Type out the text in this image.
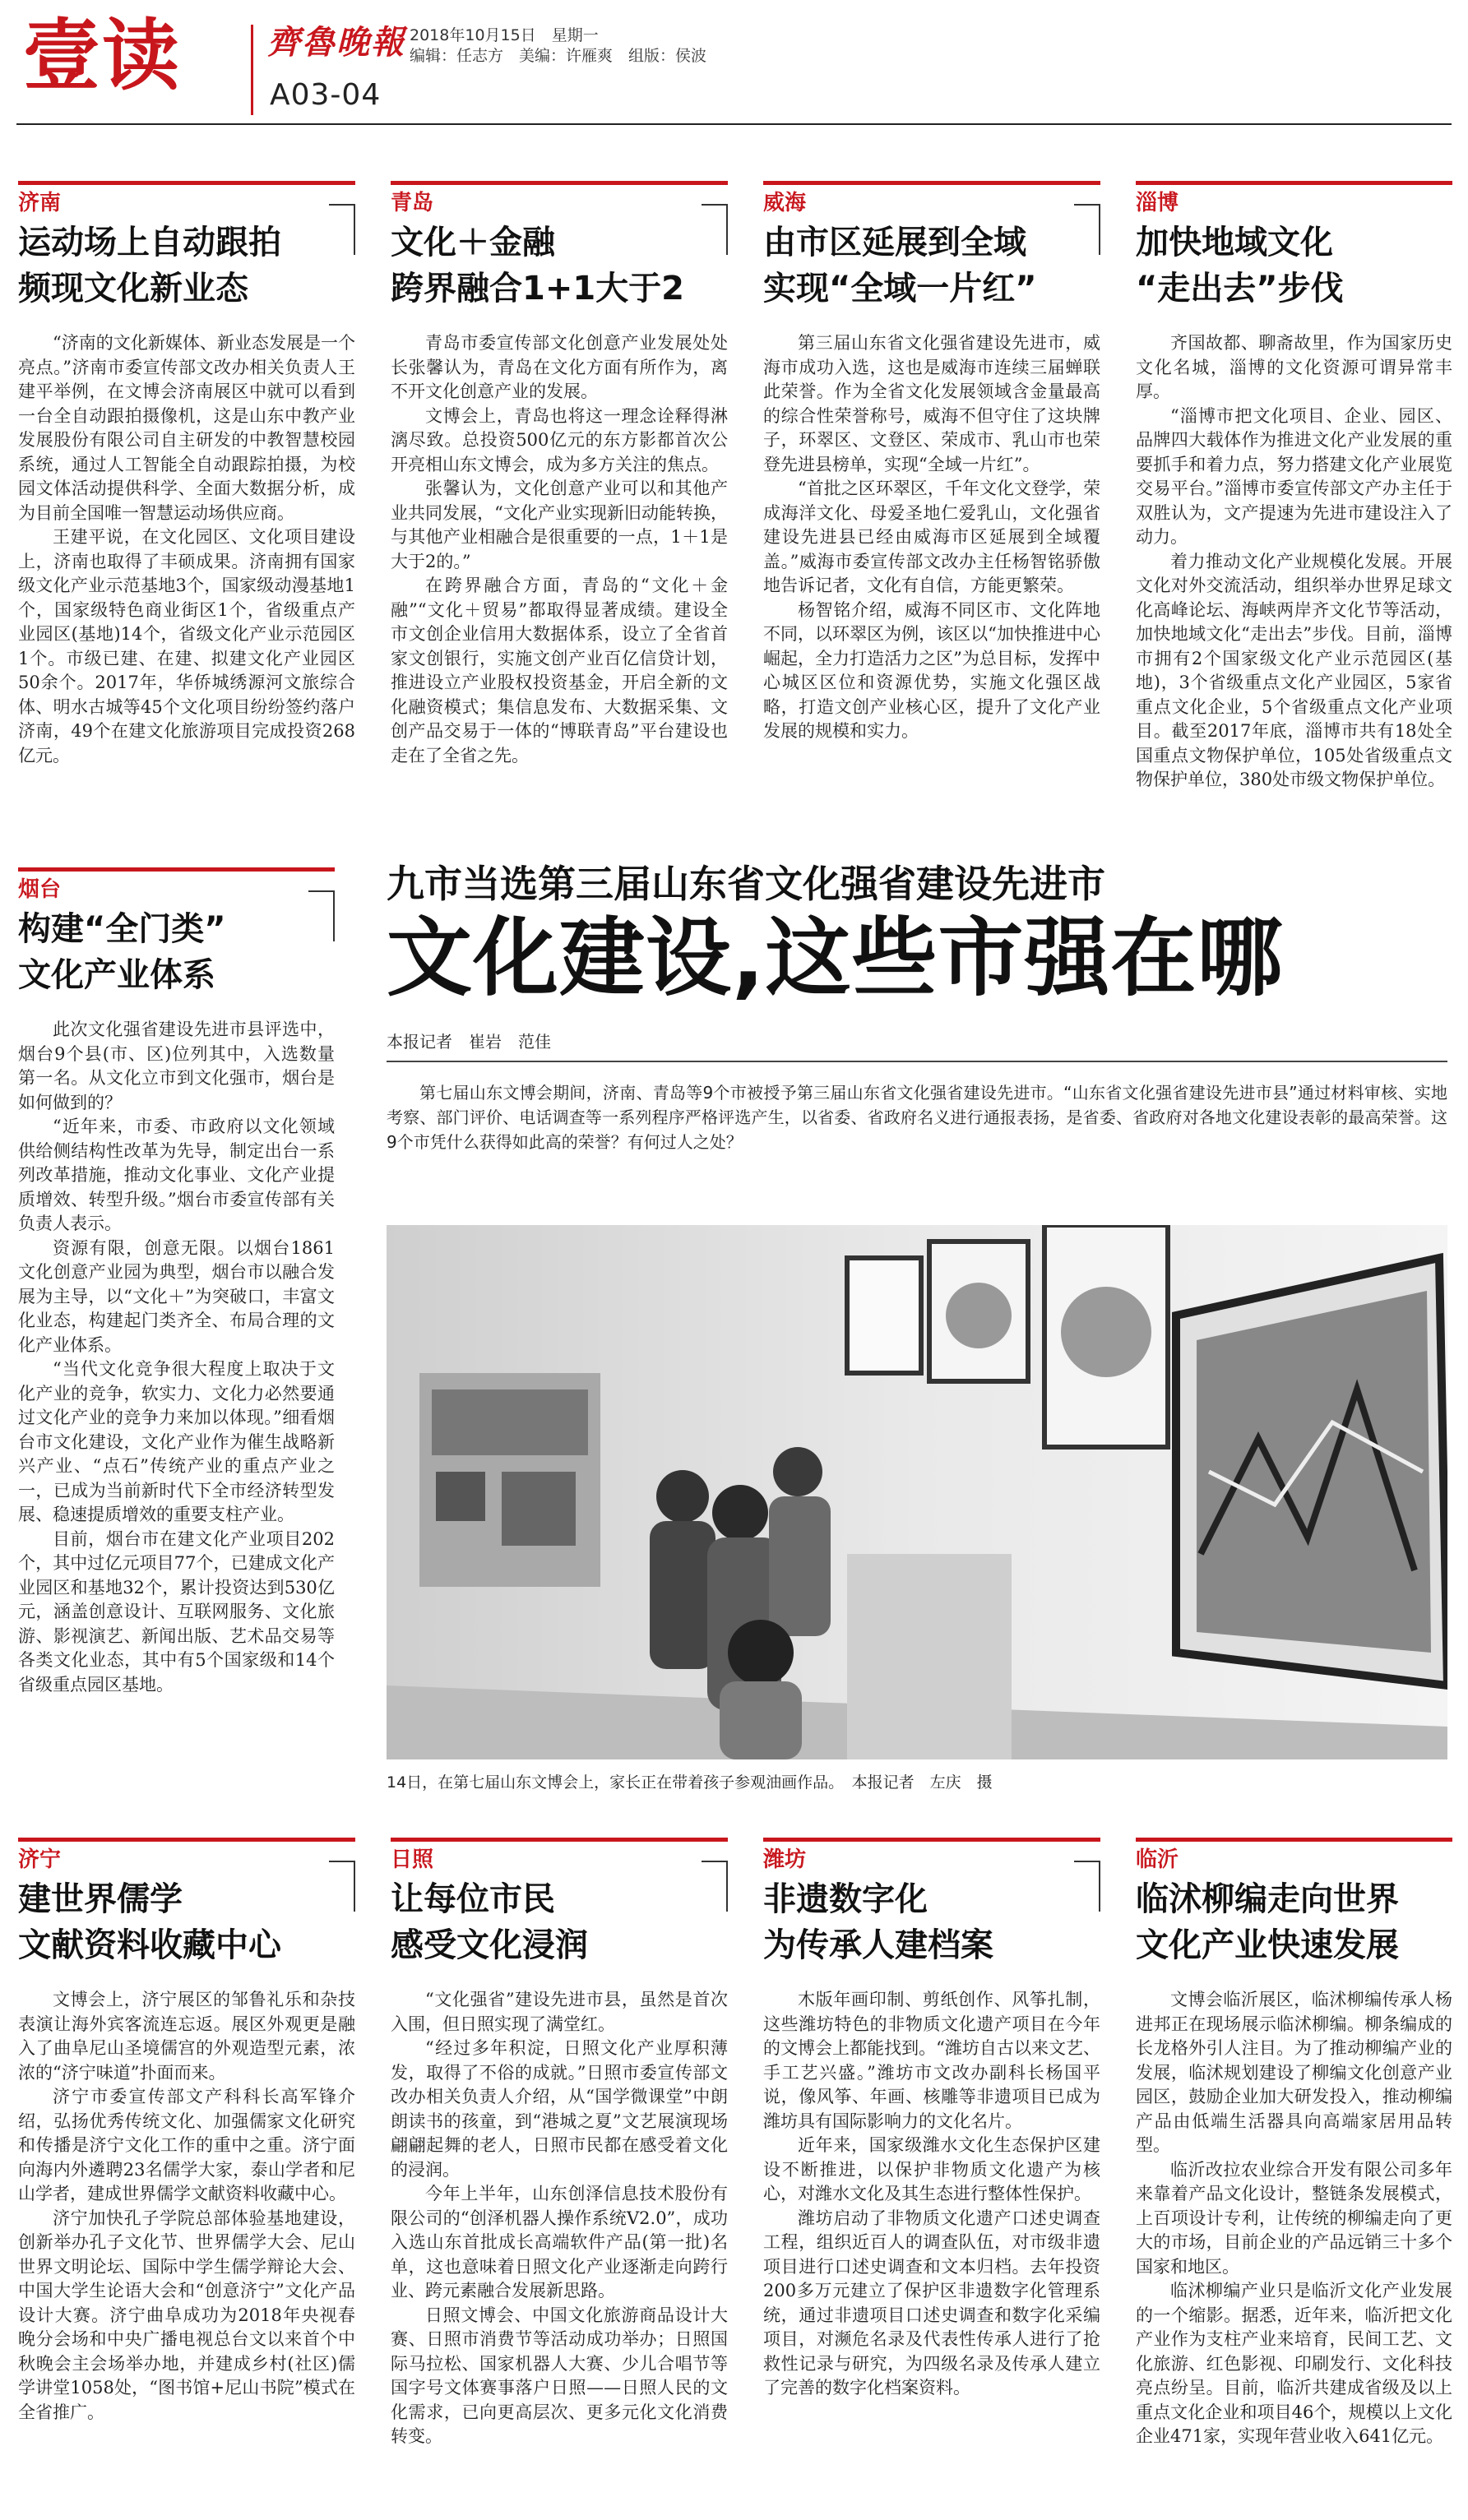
壹读	齊魯晚報 2018年10月15日　星期一
编辑：任志方　美编：许雁爽　组版：侯波
A03-04
济南
运动场上自动跟拍
频现文化新业态

“济南的文化新媒体、新业态发展是一个亮点。”济南市委宣传部文改办相关负责人王建平举例，在文博会济南展区中就可以看到一台全自动跟拍摄像机，这是山东中教产业发展股份有限公司自主研发的中教智慧校园系统，通过人工智能全自动跟踪拍摄，为校园文体活动提供科学、全面大数据分析，成为目前全国唯一智慧运动场供应商。

王建平说，在文化园区、文化项目建设上，济南也取得了丰硕成果。济南拥有国家级文化产业示范基地3个，国家级动漫基地1个，国家级特色商业街区1个，省级重点产业园区(基地)14个，省级文化产业示范园区1个。市级已建、在建、拟建文化产业园区50余个。2017年，华侨城绣源河文旅综合体、明水古城等45个文化项目纷纷签约落户济南，49个在建文化旅游项目完成投资268亿元。

青岛
文化＋金融
跨界融合1+1大于2

青岛市委宣传部文化创意产业发展处处长张馨认为，青岛在文化方面有所作为，离不开文化创意产业的发展。

文博会上，青岛也将这一理念诠释得淋漓尽致。总投资500亿元的东方影都首次公开亮相山东文博会，成为多方关注的焦点。

张馨认为，文化创意产业可以和其他产业共同发展，“文化产业实现新旧动能转换，与其他产业相融合是很重要的一点，1＋1是大于2的。”

在跨界融合方面，青岛的“文化＋金融”“文化＋贸易”都取得显著成绩。建设全市文创企业信用大数据体系，设立了全省首家文创银行，实施文创产业百亿信贷计划，推进设立产业股权投资基金，开启全新的文化融资模式；集信息发布、大数据采集、文创产品交易于一体的“博联青岛”平台建设也走在了全省之先。

威海
由市区延展到全域
实现“全域一片红”

第三届山东省文化强省建设先进市，威海市成功入选，这也是威海市连续三届蝉联此荣誉。作为全省文化发展领域含金量最高的综合性荣誉称号，威海不但守住了这块牌子，环翠区、文登区、荣成市、乳山市也荣登先进县榜单，实现“全域一片红”。

“首批之区环翠区，千年文化文登学，荣成海洋文化、母爱圣地仁爱乳山，文化强省建设先进县已经由威海市区延展到全域覆盖。”威海市委宣传部文改办主任杨智铭骄傲地告诉记者，文化有自信，方能更繁荣。

杨智铭介绍，威海不同区市、文化阵地不同，以环翠区为例，该区以“加快推进中心崛起，全力打造活力之区”为总目标，发挥中心城区区位和资源优势，实施文化强区战略，打造文创产业核心区，提升了文化产业发展的规模和实力。

淄博
加快地域文化
“走出去”步伐

齐国故都、聊斋故里，作为国家历史文化名城，淄博的文化资源可谓异常丰厚。

“淄博市把文化项目、企业、园区、品牌四大载体作为推进文化产业发展的重要抓手和着力点，努力搭建文化产业展览交易平台。”淄博市委宣传部文产办主任于双胜认为，文产提速为先进市建设注入了动力。

着力推动文化产业规模化发展。开展文化对外交流活动，组织举办世界足球文化高峰论坛、海峡两岸齐文化节等活动，加快地域文化“走出去”步伐。目前，淄博市拥有2个国家级文化产业示范园区(基地)，3个省级重点文化产业园区，5家省重点文化企业，5个省级重点文化产业项目。截至2017年底，淄博市共有18处全国重点文物保护单位，105处省级重点文物保护单位，380处市级文物保护单位。

烟台
构建“全门类”
文化产业体系

此次文化强省建设先进市县评选中，烟台9个县(市、区)位列其中，入选数量第一名。从文化立市到文化强市，烟台是如何做到的？

“近年来，市委、市政府以文化领域供给侧结构性改革为先导，制定出台一系列改革措施，推动文化事业、文化产业提质增效、转型升级。”烟台市委宣传部有关负责人表示。

资源有限，创意无限。以烟台1861文化创意产业园为典型，烟台市以融合发展为主导，以“文化＋”为突破口，丰富文化业态，构建起门类齐全、布局合理的文化产业体系。

“当代文化竞争很大程度上取决于文化产业的竞争，软实力、文化力必然要通过文化产业的竞争力来加以体现。”细看烟台市文化建设，文化产业作为催生战略新兴产业、“点石”传统产业的重点产业之一，已成为当前新时代下全市经济转型发展、稳速提质增效的重要支柱产业。

目前，烟台市在建文化产业项目202个，其中过亿元项目77个，已建成文化产业园区和基地32个，累计投资达到530亿元，涵盖创意设计、互联网服务、文化旅游、影视演艺、新闻出版、艺术品交易等各类文化业态，其中有5个国家级和14个省级重点园区基地。

九市当选第三届山东省文化强省建设先进市
文化建设,这些市强在哪
本报记者　崔岩　范佳

第七届山东文博会期间，济南、青岛等9个市被授予第三届山东省文化强省建设先进市。“山东省文化强省建设先进市县”通过材料审核、实地考察、部门评价、电话调查等一系列程序严格评选产生，以省委、省政府名义进行通报表扬，是省委、省政府对各地文化建设表彰的最高荣誉。这9个市凭什么获得如此高的荣誉？有何过人之处？

14日，在第七届山东文博会上，家长正在带着孩子参观油画作品。　本报记者　左庆　摄
济宁
建世界儒学
文献资料收藏中心

文博会上，济宁展区的邹鲁礼乐和杂技表演让海外宾客流连忘返。展区外观更是融入了曲阜尼山圣境儒宫的外观造型元素，浓浓的“济宁味道”扑面而来。

济宁市委宣传部文产科科长高军锋介绍，弘扬优秀传统文化、加强儒家文化研究和传播是济宁文化工作的重中之重。济宁面向海内外遴聘23名儒学大家，泰山学者和尼山学者，建成世界儒学文献资料收藏中心。

济宁加快孔子学院总部体验基地建设，创新举办孔子文化节、世界儒学大会、尼山世界文明论坛、国际中学生儒学辩论大会、中国大学生论语大会和“创意济宁”文化产品设计大赛。济宁曲阜成功为2018年央视春晚分会场和中央广播电视总台文以来首个中秋晚会主会场举办地，并建成乡村(社区)儒学讲堂1058处，“图书馆+尼山书院”模式在全省推广。

日照
让每位市民
感受文化浸润

“文化强省”建设先进市县，虽然是首次入围，但日照实现了满堂红。

“经过多年积淀，日照文化产业厚积薄发，取得了不俗的成就。”日照市委宣传部文改办相关负责人介绍，从“国学微课堂”中朗朗读书的孩童，到“港城之夏”文艺展演现场翩翩起舞的老人，日照市民都在感受着文化的浸润。

今年上半年，山东创泽信息技术股份有限公司的“创泽机器人操作系统V2.0”，成功入选山东首批成长高端软件产品(第一批)名单，这也意味着日照文化产业逐渐走向跨行业、跨元素融合发展新思路。

日照文博会、中国文化旅游商品设计大赛、日照市消费节等活动成功举办；日照国际马拉松、国家机器人大赛、少儿合唱节等国字号文体赛事落户日照——日照人民的文化需求，已向更高层次、更多元化文化消费转变。

潍坊
非遗数字化
为传承人建档案

木版年画印制、剪纸创作、风筝扎制，这些潍坊特色的非物质文化遗产项目在今年的文博会上都能找到。“潍坊自古以来文艺、手工艺兴盛。”潍坊市文改办副科长杨国平说，像风筝、年画、核雕等非遗项目已成为潍坊具有国际影响力的文化名片。

近年来，国家级潍水文化生态保护区建设不断推进，以保护非物质文化遗产为核心，对潍水文化及其生态进行整体性保护。

潍坊启动了非物质文化遗产口述史调查工程，组织近百人的调查队伍，对市级非遗项目进行口述史调查和文本归档。去年投资200多万元建立了保护区非遗数字化管理系统，通过非遗项目口述史调查和数字化采编项目，对濒危名录及代表性传承人进行了抢救性记录与研究，为四级名录及传承人建立了完善的数字化档案资料。

临沂
临沭柳编走向世界
文化产业快速发展

文博会临沂展区，临沭柳编传承人杨进邦正在现场展示临沭柳编。柳条编成的长龙格外引人注目。为了推动柳编产业的发展，临沭规划建设了柳编文化创意产业园区，鼓励企业加大研发投入，推动柳编产品由低端生活器具向高端家居用品转型。

临沂改拉农业综合开发有限公司多年来靠着产品文化设计，整链条发展模式，上百项设计专利，让传统的柳编走向了更大的市场，目前企业的产品远销三十多个国家和地区。

临沭柳编产业只是临沂文化产业发展的一个缩影。据悉，近年来，临沂把文化产业作为支柱产业来培育，民间工艺、文化旅游、红色影视、印刷发行、文化科技亮点纷呈。目前，临沂共建成省级及以上重点文化企业和项目46个，规模以上文化企业471家，实现年营业收入641亿元。
